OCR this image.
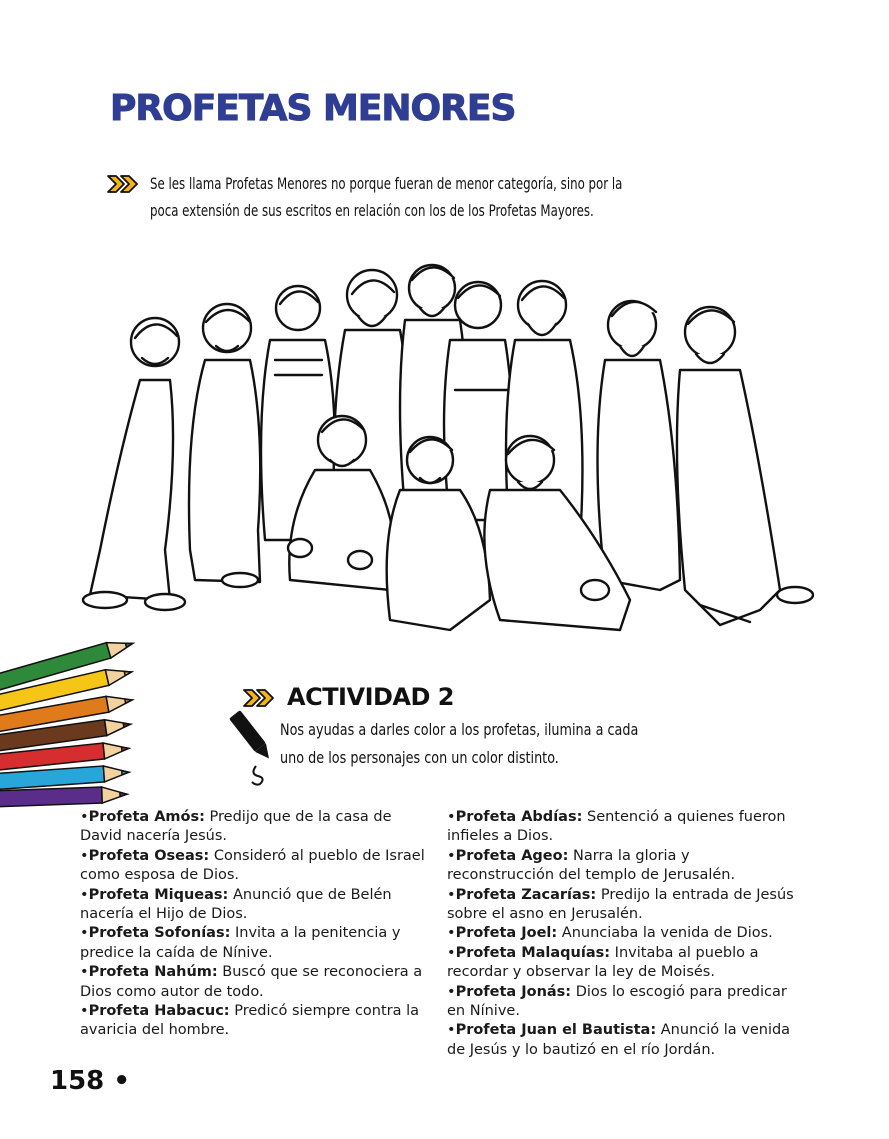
PROFETAS MENORES
Se les llama Profetas Menores no porque fueran de menor categoría, sino por la
poca extensión de sus escritos en relación con los de los Profetas Mayores.
ACTIVIDAD 2
Nos ayudas a darles color a los profetas, ilumina a cada
uno de los personajes con un color distinto.

•Profeta Amós: Predijo que de la casa de
David nacería Jesús.

•Profeta Oseas: Consideró al pueblo de Israel
como esposa de Dios.

•Profeta Miqueas: Anunció que de Belén
nacería el Hijo de Dios.

•Profeta Sofonías: Invita a la penitencia y
predice la caída de Nínive.

•Profeta Nahúm: Buscó que se reconociera a
Dios como autor de todo.

•Profeta Habacuc: Predicó siempre contra la
avaricia del hombre.

•Profeta Abdías: Sentenció a quienes fueron
infieles a Dios.

•Profeta Ageo: Narra la gloria y
reconstrucción del templo de Jerusalén.

•Profeta Zacarías: Predijo la entrada de Jesús
sobre el asno en Jerusalén.

•Profeta Joel: Anunciaba la venida de Dios.

•Profeta Malaquías: Invitaba al pueblo a
recordar y observar la ley de Moisés.

•Profeta Jonás: Dios lo escogió para predicar
en Nínive.

•Profeta Juan el Bautista: Anunció la venida
de Jesús y lo bautizó en el río Jordán.

158 •
